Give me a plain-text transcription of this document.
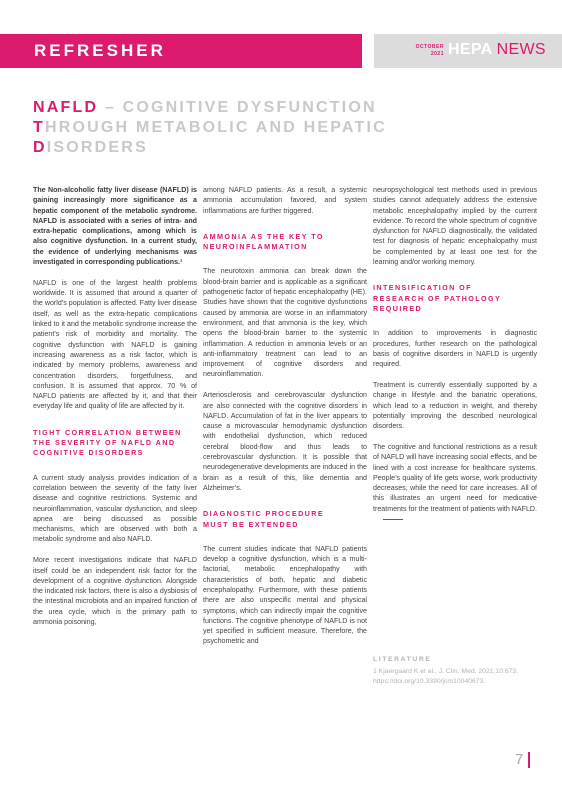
REFRESHER	OCTOBER
2021 HEPA NEWS
NAFLD – COGNITIVE DYSFUNCTION
THROUGH METABOLIC AND HEPATIC
DISORDERS

The Non-alcoholic fatty liver disease (NAFLD) is gaining increasingly more significance as a hepatic component of the metabolic syndrome. NAFLD is associated with a series of intra- and extra-hepatic complications, among which is also cognitive dysfunction. In a current study, the evidence of underlying mechanisms was investigated in corresponding publications.¹

NAFLD is one of the largest health problems worldwide. It is assumed that around a quarter of the world’s population is affected. Fatty liver disease itself, as well as the extra-hepatic complications linked to it and the metabolic syndrome increase the patient’s risk of morbidity and mortality. The cognitive dysfunction with NAFLD is gaining increasing awareness as a risk factor, which is indicated by memory problems, awareness and concentration disorders, forgetfulness, and confusion. It is assumed that approx. 70 % of NAFLD patients are affected by it, and that their everyday life and quality of life are affected by it.

TIGHT CORRELATION BETWEEN
THE SEVERITY OF NAFLD AND
COGNITIVE DISORDERS

A current study analysis provides indication of a correlation between the severity of the fatty liver disease and cognitive restrictions. Systemic and neuroinflammation, vascular dysfunction, and sleep apnea are being discussed as possible mechanisms, which are observed with both a metabolic syndrome and also NAFLD.

More recent investigations indicate that NAFLD itself could be an independent risk factor for the development of a cognitive dysfunction. Alongside the indicated risk factors, there is also a dysbiosis of the intestinal microbiota and an impaired function of the urea cycle, which is the primary path to ammonia poisoning,

among NAFLD patients. As a result, a systemic ammonia accumulation favored, and system inflammations are further triggered.

AMMONIA AS THE KEY TO
NEUROINFLAMMATION

The neurotoxin ammonia can break down the blood-brain barrier and is applicable as a significant pathogenetic factor of hepatic encephalopathy (HE). Studies have shown that the cognitive dysfunctions caused by ammonia are worse in an inflammatory environment, and that ammonia is the key, which opens the blood-brain barrier to the systemic inflammation. A reduction in ammonia levels or an anti-inflammatory treatment can lead to an improvement of cognitive disorders and neuroinflammation.

Arteriosclerosis and cerebrovascular dysfunction are also connected with the cognitive disorders in NAFLD. Accumulation of fat in the liver appears to cause a microvascular hemodynamic dysfunction with endothelial dysfunction, which reduced cerebral blood-flow and thus leads to cerebrovascular dysfunction. It is possible that neurodegenerative developments are induced in the brain as a result of this, like dementia and Alzheimer’s.

DIAGNOSTIC PROCEDURE
MUST BE EXTENDED

The current studies indicate that NAFLD patients develop a cognitive dysfunction, which is a multi-factorial, metabolic encephalopathy with characteristics of both, hepatic and diabetic encephalopathy. Furthermore, with these patients there are also unspecific mental and physical symptoms, which can indirectly impair the cognitive functions. The cognitive phenotype of NAFLD is not yet specified in sufficient measure. Therefore, the psychometric and

neuropsychological test methods used in previous studies cannot adequately address the extensive metabolic encephalopathy implied by the current evidence. To record the whole spectrum of cognitive dysfunction for NAFLD diagnostically, the validated test for diagnosis of hepatic encephalopathy must be complemented by at least one test for the learning and/or working memory.

INTENSIFICATION OF
RESEARCH OF PATHOLOGY
REQUIRED

In addition to improvements in diagnostic procedures, further research on the pathological basis of cognitive disorders in NAFLD is urgently required.

Treatment is currently essentially supported by a change in lifestyle and the bariatric operations, which lead to a reduction in weight, and thereby potentially improving the described neurological disorders.

The cognitive and functional restrictions as a result of NAFLD will have increasing social effects, and be lined with a cost increase for healthcare systems. People’s quality of life gets worse, work productivity decreases, while the need for care increases. All of this illustrates an urgent need for medicative treatments for the treatment of patients with NAFLD.

LITERATURE
1 Kjaergaard K et al., J. Clin. Med. 2021;10:673. https://doi.org/10.3390/jcm10040673.
7
